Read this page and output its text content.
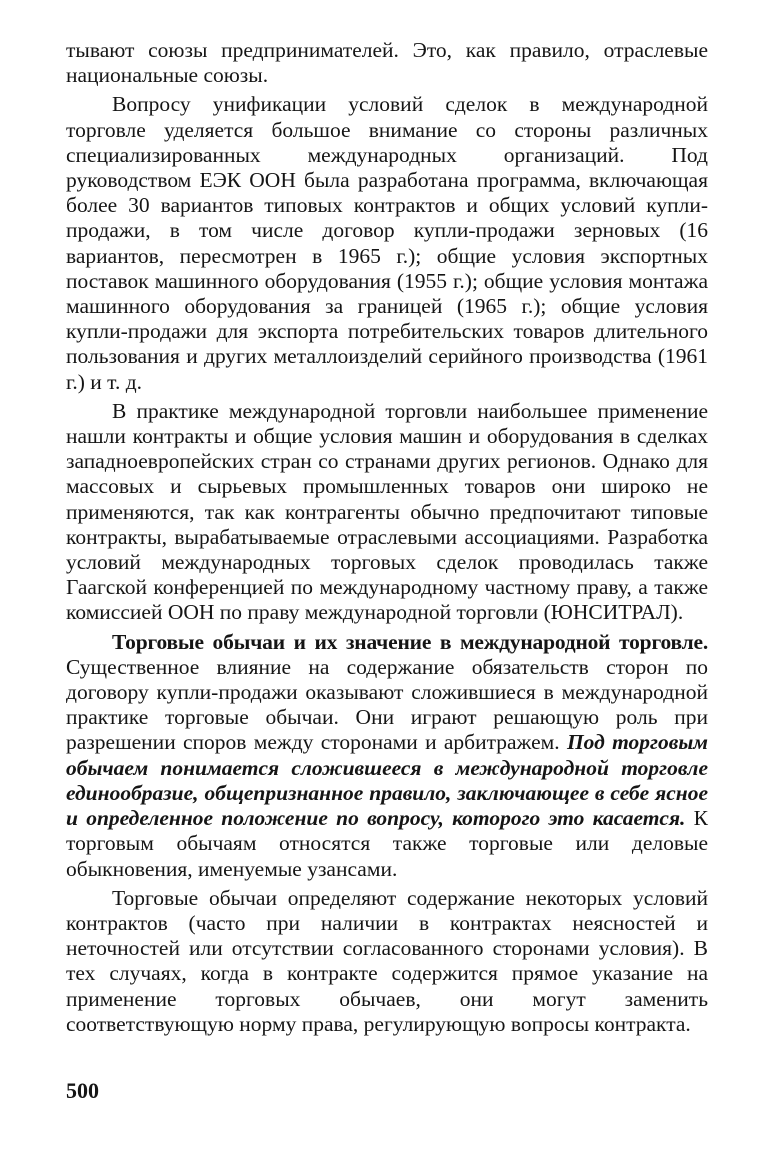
тывают союзы предпринимателей. Это, как правило, отраслевые национальные союзы.

Вопросу унификации условий сделок в международной торговле уделяется большое внимание со стороны различных специализированных международных организаций. Под руководством ЕЭК ООН была разработана программа, включающая более 30 вариантов типовых контрактов и общих условий купли-продажи, в том числе договор купли-продажи зерновых (16 вариантов, пересмотрен в 1965 г.); общие условия экспортных поставок машинного оборудования (1955 г.); общие условия монтажа машинного оборудования за границей (1965 г.); общие условия купли-продажи для экспорта потребительских товаров длительного пользования и других металлоизделий серийного производства (1961 г.) и т. д.

В практике международной торговли наибольшее применение нашли контракты и общие условия машин и оборудования в сделках западноевропейских стран со странами других регионов. Однако для массовых и сырьевых промышленных товаров они широко не применяются, так как контрагенты обычно предпочитают типовые контракты, вырабатываемые отраслевыми ассоциациями. Разработка условий международных торговых сделок проводилась также Гаагской конференцией по международному частному праву, а также комиссией ООН по праву международной торговли (ЮНСИТРАЛ).

Торговые обычаи и их значение в международной торговле. Существенное влияние на содержание обязательств сторон по договору купли-продажи оказывают сложившиеся в международной практике торговые обычаи. Они играют решающую роль при разрешении споров между сторонами и арбитражем. Под торговым обычаем понимается сложившееся в международной торговле единообразие, общепризнанное правило, заключающее в себе ясное и определенное положение по вопросу, которого это касается. К торговым обычаям относятся также торговые или деловые обыкновения, именуемые узансами.

Торговые обычаи определяют содержание некоторых условий контрактов (часто при наличии в контрактах неясностей и неточностей или отсутствии согласованного сторонами условия). В тех случаях, когда в контракте содержится прямое указание на применение торговых обычаев, они могут заменить соответствующую норму права, регулирующую вопросы контракта.

500
